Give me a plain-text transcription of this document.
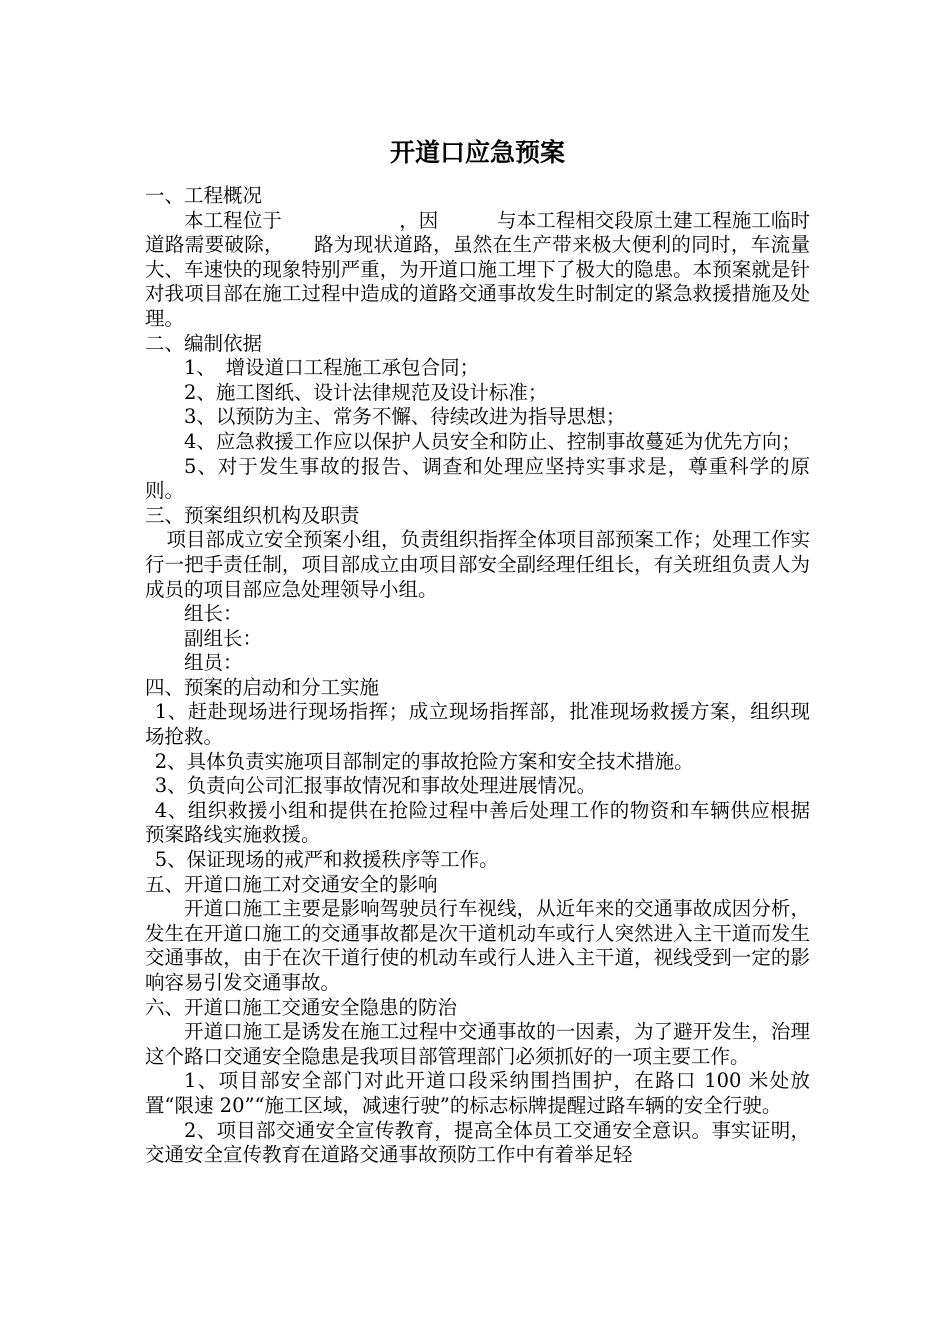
开道口应急预案

一、工程概况

本工程位于　　　　　　，因　　　与本工程相交段原土建工程施工临时道路需要破除，　　路为现状道路，虽然在生产带来极大便利的同时，车流量大、车速快的现象特别严重，为开道口施工埋下了极大的隐患。本预案就是针对我项目部在施工过程中造成的道路交通事故发生时制定的紧急救援措施及处理。

二、编制依据

1、　增设道口工程施工承包合同；

2、施工图纸、设计法律规范及设计标准；

3、以预防为主、常务不懈、待续改进为指导思想；

4、应急救援工作应以保护人员安全和防止、控制事故蔓延为优先方向；

5、对于发生事故的报告、调查和处理应坚持实事求是，尊重科学的原则。

三、预案组织机构及职责

项目部成立安全预案小组，负责组织指挥全体项目部预案工作；处理工作实行一把手责任制，项目部成立由项目部安全副经理任组长，有关班组负责人为成员的项目部应急处理领导小组。

组长：

副组长：

组员：

四、预案的启动和分工实施

1、赶赴现场进行现场指挥；成立现场指挥部，批准现场救援方案，组织现场抢救。

2、具体负责实施项目部制定的事故抢险方案和安全技术措施。

3、负责向公司汇报事故情况和事故处理进展情况。

4、组织救援小组和提供在抢险过程中善后处理工作的物资和车辆供应根据预案路线实施救援。

5、保证现场的戒严和救援秩序等工作。

五、开道口施工对交通安全的影响

开道口施工主要是影响驾驶员行车视线，从近年来的交通事故成因分析，发生在开道口施工的交通事故都是次干道机动车或行人突然进入主干道而发生交通事故，由于在次干道行使的机动车或行人进入主干道，视线受到一定的影响容易引发交通事故。

六、开道口施工交通安全隐患的防治

开道口施工是诱发在施工过程中交通事故的一因素，为了避开发生，治理这个路口交通安全隐患是我项目部管理部门必须抓好的一项主要工作。

1、项目部安全部门对此开道口段采纳围挡围护，在路口 100 米处放置“限速 20”“施工区域，减速行驶”的标志标牌提醒过路车辆的安全行驶。

2、项目部交通安全宣传教育，提高全体员工交通安全意识。事实证明，交通安全宣传教育在道路交通事故预防工作中有着举足轻
